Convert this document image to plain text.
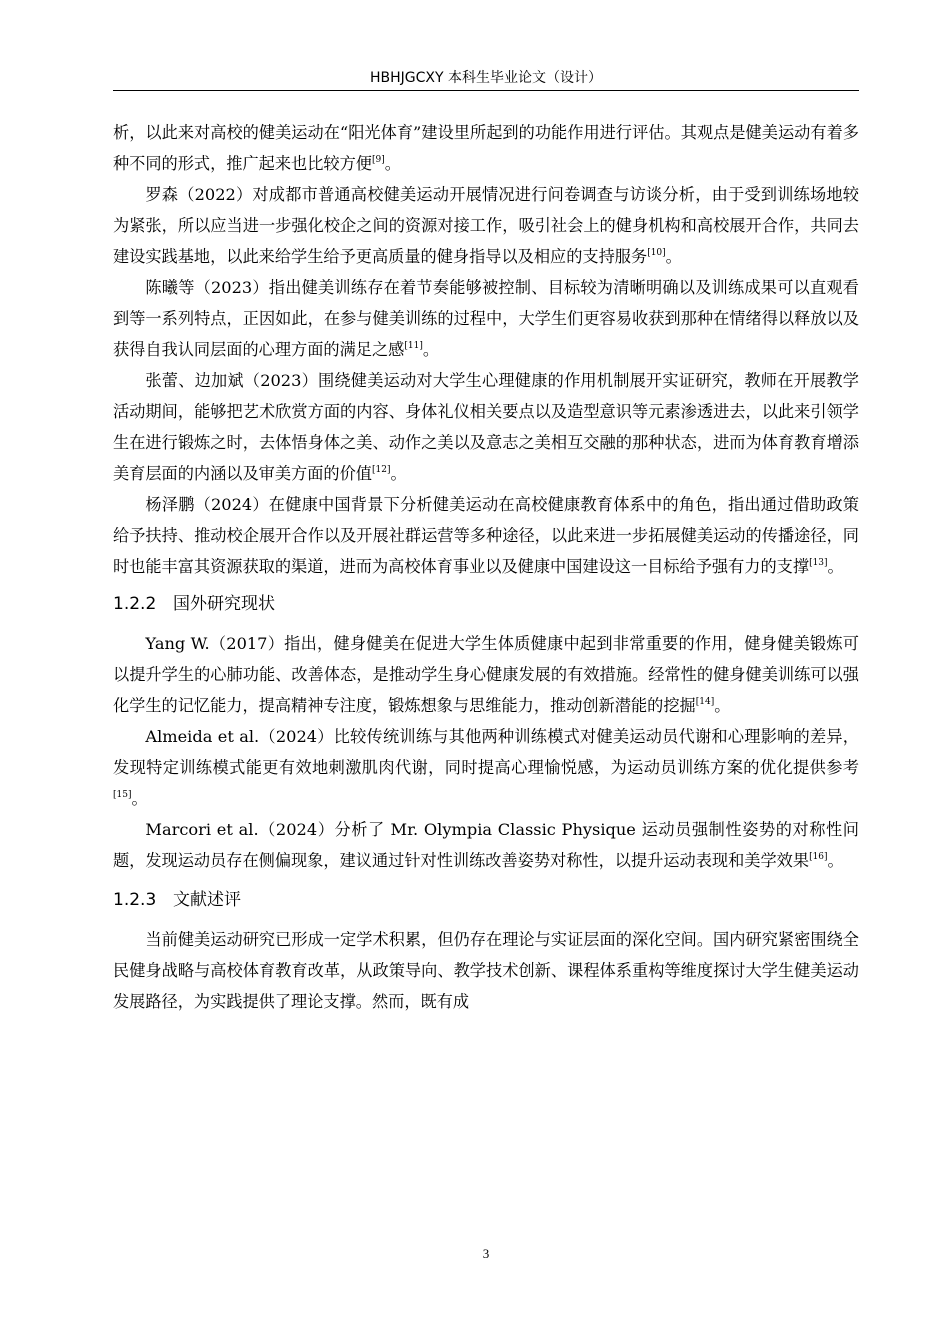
HBHJGCXY 本科生毕业论文（设计）

析，以此来对高校的健美运动在“阳光体育”建设里所起到的功能作用进行评估。其观点是健美运动有着多种不同的形式，推广起来也比较方便[9]。

罗森（2022）对成都市普通高校健美运动开展情况进行问卷调查与访谈分析，由于受到训练场地较为紧张，所以应当进一步强化校企之间的资源对接工作，吸引社会上的健身机构和高校展开合作，共同去建设实践基地，以此来给学生给予更高质量的健身指导以及相应的支持服务[10]。

陈曦等（2023）指出健美训练存在着节奏能够被控制、目标较为清晰明确以及训练成果可以直观看到等一系列特点，正因如此，在参与健美训练的过程中，大学生们更容易收获到那种在情绪得以释放以及获得自我认同层面的心理方面的满足之感[11]。

张蕾、边加斌（2023）围绕健美运动对大学生心理健康的作用机制展开实证研究，教师在开展教学活动期间，能够把艺术欣赏方面的内容、身体礼仪相关要点以及造型意识等元素渗透进去，以此来引领学生在进行锻炼之时，去体悟身体之美、动作之美以及意志之美相互交融的那种状态，进而为体育教育增添美育层面的内涵以及审美方面的价值[12]。

杨泽鹏（2024）在健康中国背景下分析健美运动在高校健康教育体系中的角色，指出通过借助政策给予扶持、推动校企展开合作以及开展社群运营等多种途径，以此来进一步拓展健美运动的传播途径，同时也能丰富其资源获取的渠道，进而为高校体育事业以及健康中国建设这一目标给予强有力的支撑[13]。

1.2.2 国外研究现状

Yang W.（2017）指出，健身健美在促进大学生体质健康中起到非常重要的作用，健身健美锻炼可以提升学生的心肺功能、改善体态，是推动学生身心健康发展的有效措施。经常性的健身健美训练可以强化学生的记忆能力，提高精神专注度，锻炼想象与思维能力，推动创新潜能的挖掘[14]。

Almeida et al.（2024）比较传统训练与其他两种训练模式对健美运动员代谢和心理影响的差异，发现特定训练模式能更有效地刺激肌肉代谢，同时提高心理愉悦感，为运动员训练方案的优化提供参考[15]。

Marcori et al.（2024）分析了 Mr. Olympia Classic Physique 运动员强制性姿势的对称性问题，发现运动员存在侧偏现象，建议通过针对性训练改善姿势对称性，以提升运动表现和美学效果[16]。

1.2.3 文献述评

当前健美运动研究已形成一定学术积累，但仍存在理论与实证层面的深化空间。国内研究紧密围绕全民健身战略与高校体育教育改革，从政策导向、教学技术创新、课程体系重构等维度探讨大学生健美运动发展路径，为实践提供了理论支撑。然而，既有成

3
